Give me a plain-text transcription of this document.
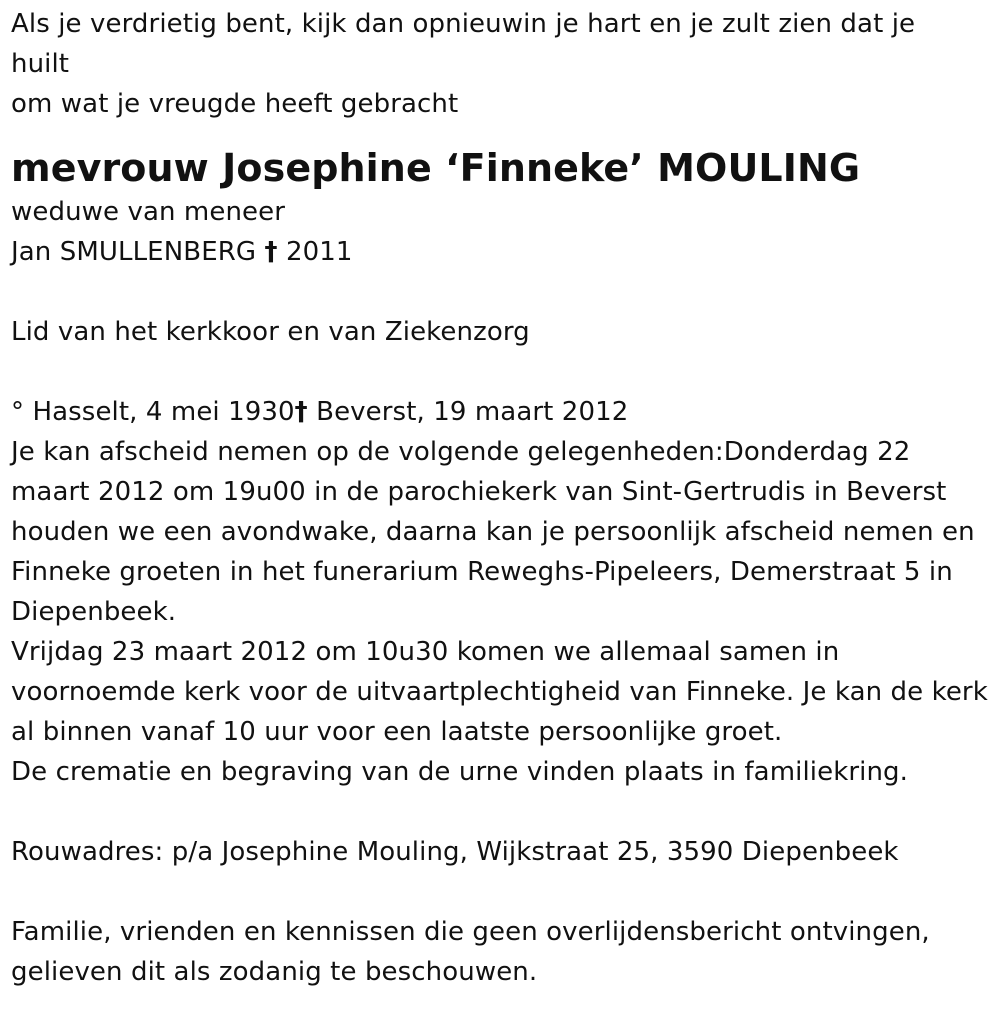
Als je verdrietig bent, kijk dan opnieuwin je hart en je zult zien dat je
huilt
om wat je vreugde heeft gebracht
mevrouw Josephine ‘Finneke’ MOULING
weduwe van meneer
Jan SMULLENBERG † 2011
Lid van het kerkkoor en van Ziekenzorg
° Hasselt, 4 mei 1930† Beverst, 19 maart 2012
Je kan afscheid nemen op de volgende gelegenheden:Donderdag 22 maart 2012 om 19u00 in de parochiekerk van Sint-Gertrudis in Beverst houden we een avondwake, daarna kan je persoonlijk afscheid nemen en Finneke groeten in het funerarium Reweghs-Pipeleers, Demerstraat 5 in Diepenbeek.
Vrijdag 23 maart 2012 om 10u30 komen we allemaal samen in voornoemde kerk voor de uitvaartplechtigheid van Finneke. Je kan de kerk al binnen vanaf 10 uur voor een laatste persoonlijke groet.
De crematie en begraving van de urne vinden plaats in familiekring.
Rouwadres: p/a Josephine Mouling, Wijkstraat 25, 3590 Diepenbeek
Familie, vrienden en kennissen die geen overlijdensbericht ontvingen,
gelieven dit als zodanig te beschouwen.
